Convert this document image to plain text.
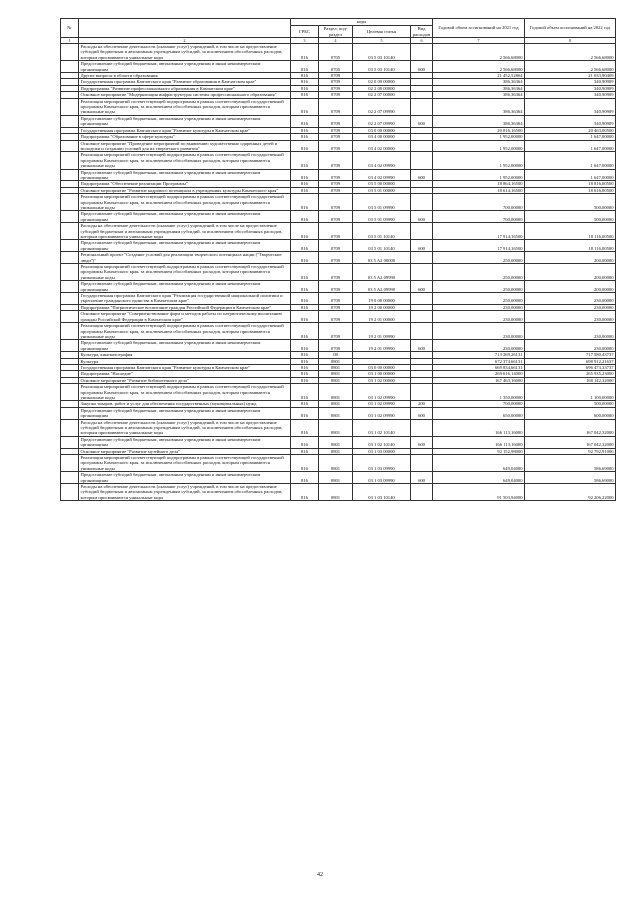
№		коды				Годовой объем ассигнований на 2021 год	Годовой объем ассигнований на 2022 год
		ГРБС	Раздел, под-раздел	Целевая статья	Вид расходов		
1	2	3	4	5	6	7	8
	Расходы на обеспечение деятельности (оказание услуг) учреждений, в том числе на предоставление субсидий бюджетным и автономным учреждениям субсидий, за исключением обособленных расходов, которым присваиваются уникальные коды	816	0705	03 5 03 10140		2 566,68000	2 566,68000
	Предоставление субсидий бюджетным, автономным учреждениям и иным некоммерческим организациям	816	0705	03 5 03 10140	600	2 566,68000	2 566,68000
	Другие вопросы в области образования	816	0709			21 452,52864	21 033,90409
	Государственная программа Камчатского края "Развитие образования в Камчатском крае"	816	0709	02 0 00 00000		386,36364	340,90909
	Подпрограмма "Развитие профессионального образования в Камчатском крае"	816	0709	02 2 00 00000		386,36364	340,90909
	Основное мероприятие "Модернизация инфраструктуры системы профессионального образования"	816	0709	02 2 07 00000		386,36364	340,90909
	Реализация мероприятий соответствующей подпрограммы в рамках соответствующей государственной программы Камчатского края, за исключением обособленных расходов, которым присваиваются уникальные коды	816	0709	02 2 07 09990		386,36364	340,90909
	Предоставление субсидий бюджетным, автономным учреждениям и иным некоммерческим организациям	816	0709	02 2 07 09990	600	386,36364	340,90909
	Государственная программа Камчатского края "Развитие культуры в Камчатском крае"	816	0709	03 0 00 00000		20 816,16500	20 463,00500
	Подпрограмма "Образование в сфере культуры"	816	0709	03 4 00 00000		1 952,00000	1 647,00000
	Основное мероприятие "Проведение мероприятий по выявлению художественно одаренных детей и молодежи и созданию условий для их творческого развития"	816	0709	03 4 02 00000		1 952,00000	1 647,00000
	Реализация мероприятий соответствующей подпрограммы в рамках соответствующей государственной программы Камчатского края, за исключением обособленных расходов, которым присваиваются уникальные коды	816	0709	03 4 02 09990		1 952,00000	1 647,00000
	Предоставление субсидий бюджетным, автономным учреждениям и иным некоммерческим организациям	816	0709	03 4 02 09990	600	1 952,00000	1 647,00000
	Подпрограмма "Обеспечение реализации Программы"	816	0709	03 5 00 00000		18 864,16500	18 816,00500
	Основное мероприятие "Развитие кадрового потенциала в учреждениях культуры Камчатского края"	816	0709	03 5 01 00000		18 614,16500	18 616,00500
	Реализация мероприятий соответствующей подпрограммы в рамках соответствующей государственной программы Камчатского края, за исключением обособленных расходов, которым присваиваются уникальные коды	816	0709	03 5 01 09990		700,00000	500,00000
	Предоставление субсидий бюджетным, автономным учреждениям и иным некоммерческим организациям	816	0709	03 5 01 09990	600	700,00000	500,00000
	Расходы на обеспечение деятельности (оказание услуг) учреждений, в том числе на предоставление субсидий бюджетным и автономным учреждениям субсидий, за исключением обособленных расходов, которым присваиваются уникальные коды	816	0709	03 5 01 10140		17 914,16500	18 116,00500
	Предоставление субсидий бюджетным, автономным учреждениям и иным некоммерческим организациям	816	0709	03 5 01 10140	600	17 914,16500	18 116,00500
	Региональный проект "Создание условий для реализации творческого потенциала нации ("Творческие люди")"	816	0709	03 5 A2 00000		250,00000	200,00000
	Реализация мероприятий соответствующей подпрограммы в рамках соответствующей государственной программы Камчатского края, за исключением обособленных расходов, которым присваиваются уникальные коды	816	0709	03 5 A2 09990		250,00000	200,00000
	Предоставление субсидий бюджетным, автономным учреждениям и иным некоммерческим организациям	816	0709	03 5 A2 09990	600	250,00000	200,00000
	Государственная программа Камчатского края "Реализация государственной национальной политики и укрепление гражданского единства в Камчатском крае"	816	0709	19 0 00 00000		250,00000	230,00000
	Подпрограмма "Патриотическое воспитание граждан Российской Федерации в Камчатском крае"	816	0709	19 2 00 00000		230,00000	230,00000
	Основное мероприятие "Совершенствование форм и методов работы по патриотическому воспитанию граждан Российской Федерации в Камчатском крае"	816	0709	19 2 01 00000		230,00000	230,00000
	Реализация мероприятий соответствующей подпрограммы в рамках соответствующей государственной программы Камчатского края, за исключением обособленных расходов, которым присваиваются уникальные коды	816	0709	19 2 01 09990		230,00000	230,00000
	Предоставление субсидий бюджетным, автономным учреждениям и иным некоммерческим организациям	816	0709	19 2 01 09990	600	230,00000	230,00000
	Культура, кинематография	816	08			713 269,26131	717 580,43737
	Культура	816	0801			672 374,66131	698 912,21637
	Государственная программа Камчатского края "Развитие культуры в Камчатском крае"	816	0801	03 0 00 00000		669 834,66131	696 473,33737
	Подпрограмма "Наследие"	816	0801	03 1 00 00000		269 616,14000	265 935,23000
	Основное мероприятие "Развитие библиотечного дела"	816	0801	03 1 02 00000		167 463,16000	168 142,32000
	Реализация мероприятий соответствующей подпрограммы в рамках соответствующей государственной программы Камчатского края, за исключением обособленных расходов, которым присваиваются уникальные коды	816	0801	03 1 02 09990		1 350,00000	1 100,00000
	Закупка товаров, работ и услуг для обеспечения государственных (муниципальных) нужд	816	0801	03 1 02 09990	200	700,00000	500,00000
	Предоставление субсидий бюджетным, автономным учреждениям и иным некоммерческим организациям	816	0801	03 1 02 09990	600	650,00000	600,00000
	Расходы на обеспечение деятельности (оказание услуг) учреждений, в том числе на предоставление субсидий бюджетным и автономным учреждениям субсидий, за исключением обособленных расходов, которым присваиваются уникальные коды	816	0801	03 1 02 10140		166 113,16000	167 042,32000
	Предоставление субсидий бюджетным, автономным учреждениям и иным некоммерческим организациям	816	0801	03 1 02 10140	600	166 113,16000	167 042,32000
	Основное мероприятие "Развитие музейного дела"	816	0801	03 1 03 00000		92 152,98000	92 792,91000
	Реализация мероприятий соответствующей подпрограммы в рамках соответствующей государственной программы Камчатского края, за исключением обособленных расходов, которым присваиваются уникальные коды	816	0801	03 1 03 09990		649,04000	586,69000
	Предоставление субсидий бюджетным, автономным учреждениям и иным некоммерческим организациям	816	0801	03 1 03 09990	600	649,04000	586,69000
	Расходы на обеспечение деятельности (оказание услуг) учреждений, в том числе на предоставление субсидий бюджетным и автономным учреждениям субсидий, за исключением обособленных расходов, которым присваиваются уникальные коды	816	0801	03 1 03 10140		91 503,94000	92 206,22000
42
